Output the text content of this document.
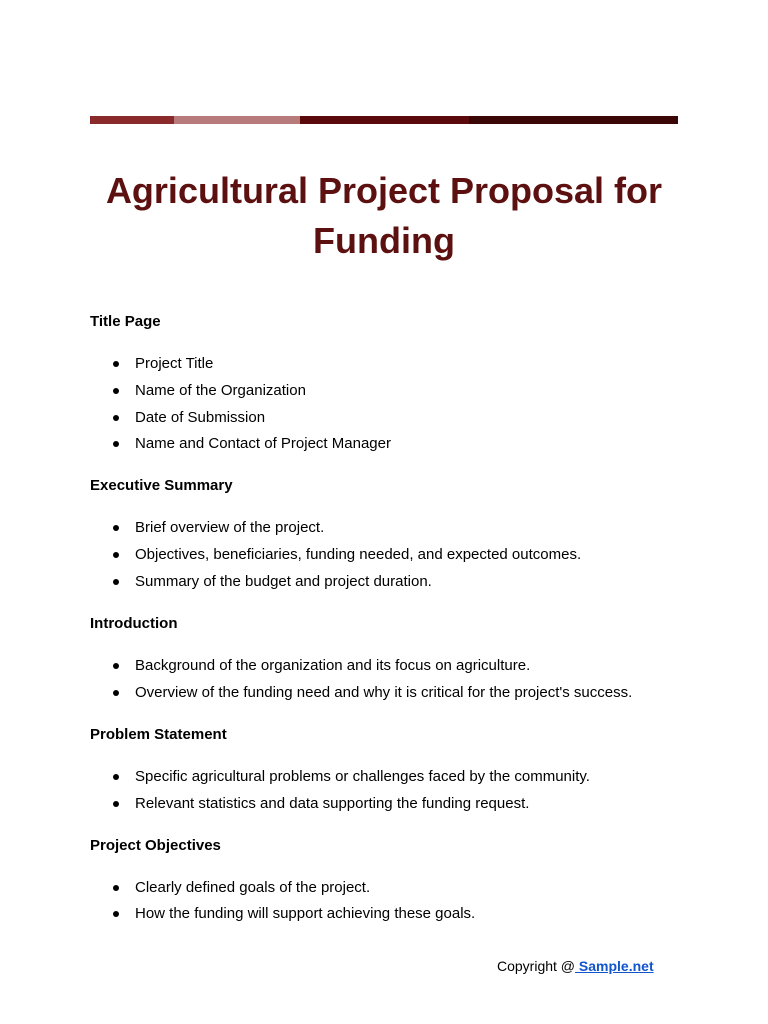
Agricultural Project Proposal for Funding
Title Page
Project Title
Name of the Organization
Date of Submission
Name and Contact of Project Manager
Executive Summary
Brief overview of the project.
Objectives, beneficiaries, funding needed, and expected outcomes.
Summary of the budget and project duration.
Introduction
Background of the organization and its focus on agriculture.
Overview of the funding need and why it is critical for the project's success.
Problem Statement
Specific agricultural problems or challenges faced by the community.
Relevant statistics and data supporting the funding request.
Project Objectives
Clearly defined goals of the project.
How the funding will support achieving these goals.
Copyright @ Sample.net
